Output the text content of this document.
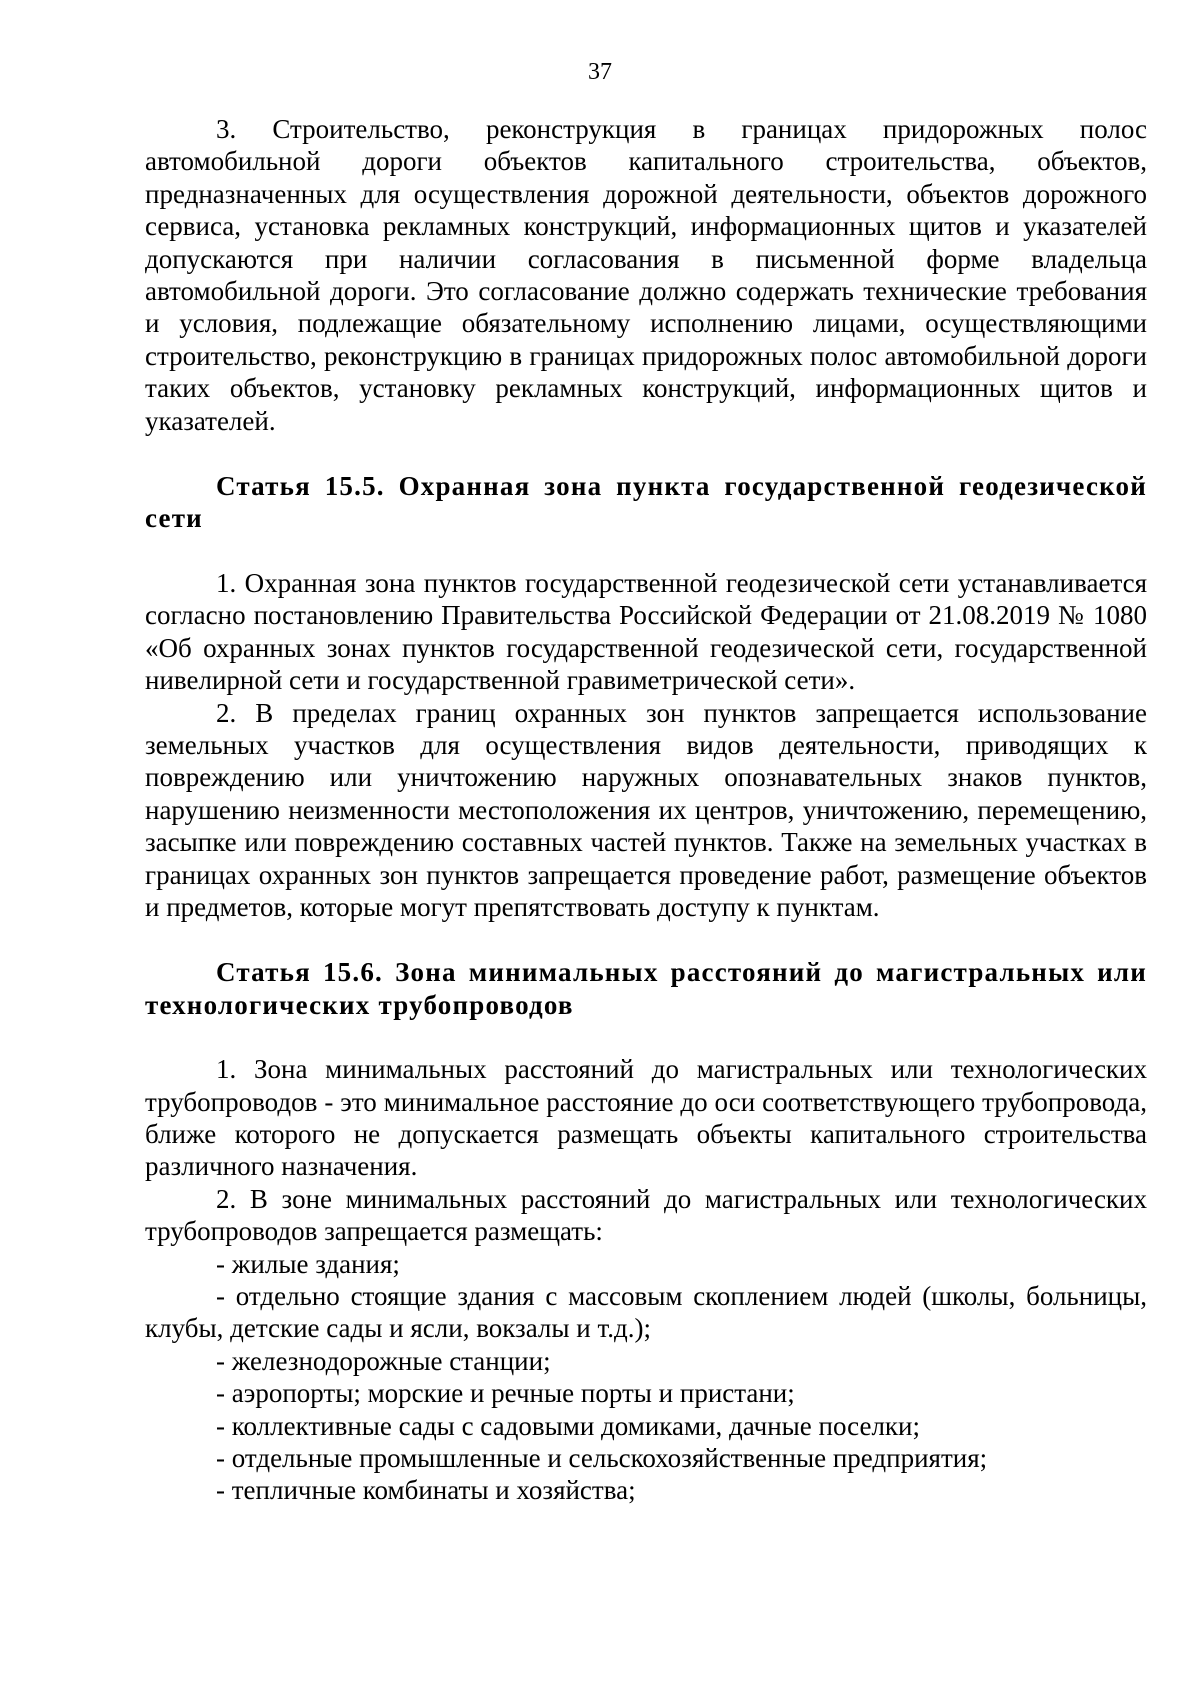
37

3. Строительство, реконструкция в границах придорожных полос автомобильной дороги объектов капитального строительства, объектов, предназначенных для осуществления дорожной деятельности, объектов дорожного сервиса, установка рекламных конструкций, информационных щитов и указателей допускаются при наличии согласования в письменной форме владельца автомобильной дороги. Это согласование должно содержать технические требования и условия, подлежащие обязательному исполнению лицами, осуществляющими строительство, реконструкцию в границах придорожных полос автомобильной дороги таких объектов, установку рекламных конструкций, информационных щитов и указателей.

Статья 15.5. Охранная зона пункта государственной геодезической сети

1. Охранная зона пунктов государственной геодезической сети устанавливается согласно постановлению Правительства Российской Федерации от 21.08.2019 № 1080 «Об охранных зонах пунктов государственной геодезической сети, государственной нивелирной сети и государственной гравиметрической сети».

2. В пределах границ охранных зон пунктов запрещается использование земельных участков для осуществления видов деятельности, приводящих к повреждению или уничтожению наружных опознавательных знаков пунктов, нарушению неизменности местоположения их центров, уничтожению, перемещению, засыпке или повреждению составных частей пунктов. Также на земельных участках в границах охранных зон пунктов запрещается проведение работ, размещение объектов и предметов, которые могут препятствовать доступу к пунктам.

Статья 15.6. Зона минимальных расстояний до магистральных или технологических трубопроводов

1. Зона минимальных расстояний до магистральных или технологических трубопроводов - это минимальное расстояние до оси соответствующего трубопровода, ближе которого не допускается размещать объекты капитального строительства различного назначения.

2. В зоне минимальных расстояний до магистральных или технологических трубопроводов запрещается размещать:

- жилые здания;

- отдельно стоящие здания с массовым скоплением людей (школы, больницы, клубы, детские сады и ясли, вокзалы и т.д.);

- железнодорожные станции;

- аэропорты; морские и речные порты и пристани;

- коллективные сады с садовыми домиками, дачные поселки;

- отдельные промышленные и сельскохозяйственные предприятия;

- тепличные комбинаты и хозяйства;
